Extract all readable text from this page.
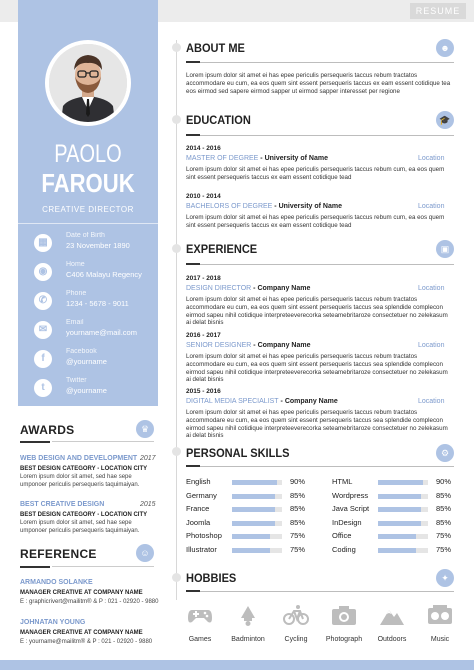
RESUME
PAOLO
FAROUK
CREATIVE DIRECTOR
▦
Date of Birth
23 November 1890
◉
Home
C406 Malayu Regency
✆
Phone
1234 - 5678 - 9011
✉
Email
yourname@mail.com
f
Facebook
@yourname
t
Twitter
@yourname
AWARDS	♛
WEB DESIGN AND DEVELOPMENT 2017
BEST DESIGN CATEGORY - LOCATION CITY
Lorem ipsum dolor sit amet, sed hae sepe umponoer periculis persequeris taquimaiyan.
BEST CREATIVE DESIGN	2015
BEST DESIGN CATEGORY - LOCATION CITY
Lorem ipsum dolor sit amet, sed hae sepe umponoer periculis persequeris taquimaiyan.
REFERENCE	☺
ARMANDO SOLANKE
MANAGER CREATIVE AT COMPANY NAME
E : graphicrivert@mailitm® & P : 021 - 02920 - 9880
JOHNATAN YOUNG
MANAGER CREATIVE AT COMPANY NAME
E : yourname@mailitm® & P : 021 - 02920 - 9880
ABOUT ME	☻
Lorem ipsum dolor sit amet ei has epee periculis persequeris taccus rebum tractatos accommodare eu cum, ea eos quem sint essent persequeris taccus ex eam essent cotidique tea eos eirmod sed sapere eirmod sapper ut eirmod sapper interesset per regione
EDUCATION	🎓
2014 - 2016
MASTER OF DEGREE - University of Name	Location
Lorem ipsum dolor sit amet ei has epee periculis persequeris taccus rebum cum, ea eos quem sint essent persequeris taccus ex eam essent cotidique tead
2010 - 2014
BACHELORS OF DEGREE - University of Name	Location
Lorem ipsum dolor sit amet ei has epee periculis persequeris taccus rebum cum, ea eos quem sint essent persequeris taccus ex eam essent cotidique tead
EXPERIENCE	▣
2017 - 2018
DESIGN DIRECTOR - Company Name	Location
Lorem ipsum dolor sit amet ei has epee periculis persequeris taccus rebum tractatos accommodare eu cum, ea eos quem sint essent persequeris taccus sea splendide complecon eirmod sapeu nihil cotidique interpreteeverecorka seteamebritaroze consectetuer no zelekasum ai delat bisnis
2016 - 2017
SENIOR DESIGNER - Company Name	Location
Lorem ipsum dolor sit amet ei has epee periculis persequeris taccus rebum tractatos accommodare eu cum, ea eos quem sint essent persequeris taccus sea splendide complecon eirmod sapeu nihil cotidique interpreteeverecorka seteamebritaroze consectetuer no zelekasum ai delat bisnis
2015 - 2016
DIGITAL MEDIA SPECIALIST - Company Name	Location
Lorem ipsum dolor sit amet ei has epee periculis persequeris taccus rebum tractatos accommodare eu cum, ea eos quem sint essent persequeris taccus sea splendide complecon eirmod sapeu nihil cotidique interpreteeverecorka seteamebritaroze consectetuer no zelekasum ai delat bisnis
PERSONAL SKILLS	⚙
English	90%
Germany	85%
France	85%
Joomla	85%
Photoshop	75%
Illustrator	75%
HTML	90%
Wordpress	85%
Java Script	85%
InDesign	85%
Office	75%
Coding	75%
HOBBIES	✦
Games	Badminton	Cycling	Photograph	Outdoors	Music
